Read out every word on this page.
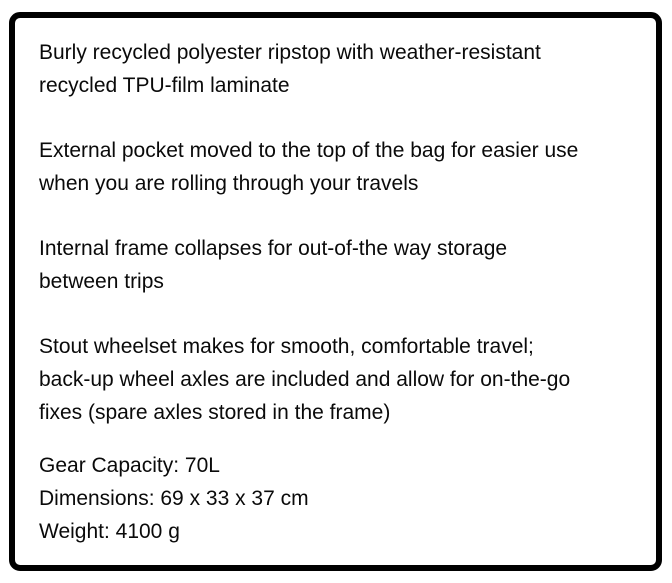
Burly recycled polyester ripstop with weather-resistant
recycled TPU-film laminate

External pocket moved to the top of the bag for easier use
when you are rolling through your travels

Internal frame collapses for out-of-the way storage
between trips

Stout wheelset makes for smooth, comfortable travel;
back-up wheel axles are included and allow for on-the-go
fixes (spare axles stored in the frame)

Gear Capacity: 70L
Dimensions: 69 x 33 x 37 cm
Weight: 4100 g
